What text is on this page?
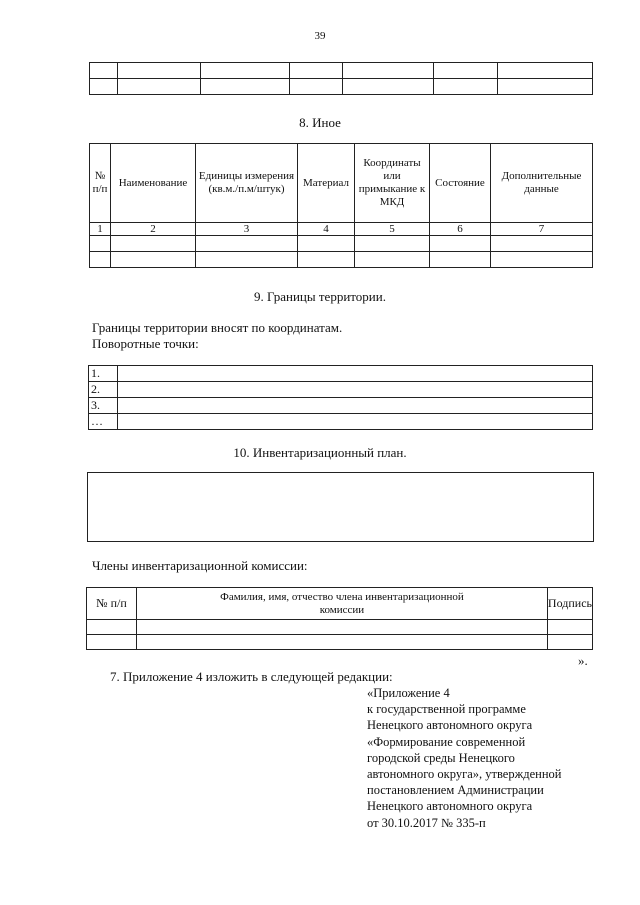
39

8. Иное
№ п/п	Наименование	Единицы измерения (кв.м./п.м/штук)	Материал	Координаты или примыкание к МКД	Состояние	Дополнительные данные
1	2	3	4	5	6	7

9. Границы территории.
Границы территории вносят по координатам.
Поворотные точки:
1.	
2.	
3.	
…	
10. Инвентаризационный план.
Члены инвентаризационной комиссии:
№ п/п	Фамилия, имя, отчество члена инвентаризационной комиссии	Подпись

».
7. Приложение 4 изложить в следующей редакции:
«Приложение 4
к государственной программе
Ненецкого автономного округа
«Формирование современной
городской среды Ненецкого
автономного округа», утвержденной
постановлением Администрации
Ненецкого автономного округа
от 30.10.2017 № 335-п
